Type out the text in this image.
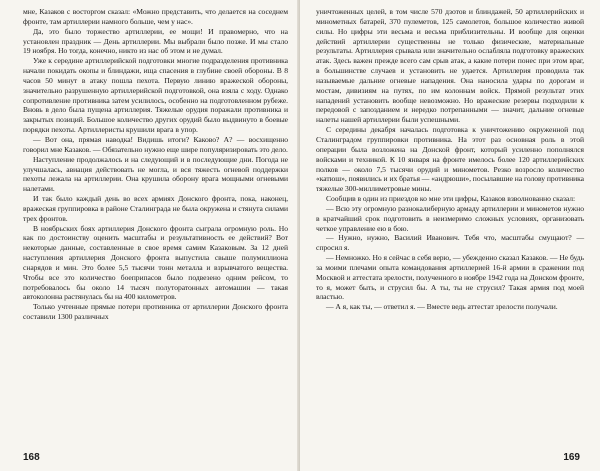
мне, Казаков с восторгом сказал: «Можно представить, что делается на соседнем фронте, там артиллерии намного больше, чем у нас».

Да, это было торжество артиллерии, ее мощи! И правомерно, что на установлен праздник — День артиллерии. Мы выбрали было позже. И мы стало 19 ноября. Но тогда, конечно, никто из нас об этом и не думал.

Уже к середине артиллерийской подготовки многие подразделения противника начали покидать окопы и блиндажи, ища спасения в глубине своей обороны. В 8 часов 50 минут в атаку пошла пехота. Первую линию вражеской обороны, значительно разрушенную артиллерийской подготовкой, она взяла с ходу. Однако сопротивление противника затем усилилось, особенно на подготовленном рубеже. Вновь в дело была пущена артиллерия. Тяжелые орудия поражали противника и закрытых позиций. Большое количество других орудий было выдвинуто в боевые порядки пехоты. Артиллеристы крушили врага в упор.

— Вот она, прямая наводка! Видишь итоги? Каково? А? — восхищенно говорил мне Казаков. — Обязательно нужно еще шире популяризировать это дело.

Наступление продолжалось и на следующий и в последующие дни. Погода не улучшалась, авиация действовать не могла, и вся тяжесть огневой поддержки пехоты лежала на артиллерии. Она крушила оборону врага мощными огневыми налетами.

И так было каждый день во всех армиях Донского фронта, пока, наконец, вражеская группировка в районе Сталинграда не была окружена и стянута силами трех фронтов.

В ноябрьских боях артиллерия Донского фронта сыграла огромную роль. Но как по достоинству оценить масштабы и результативность ее действий? Вот некоторые данные, составленные в свое время самим Казаковым. За 12 дней наступления артиллерия Донского фронта выпустила свыше полумиллиона снарядов и мин. Это более 5,5 тысячи тонн металла и взрывчатого вещества. Чтобы все это количество боеприпасов было подвезено одним рейсом, то потребовалось бы около 14 тысяч полуторатонных автомашин — такая автоколонна растянулась бы на 400 километров.

Только учтенные прямые потери противника от артиллерии Донского фронта составили 1300 различных

168

уничтоженных целей, в том числе 570 дзотов и блиндажей, 50 артиллерийских и минометных батарей, 370 пулеметов, 125 самолетов, большое количество живой силы. Но цифры эти весьма и весьма приблизительны. И вообще для оценки действий артиллерии существенны не только физические, материальные результаты. Артиллерия срывала или значительно ослабляла подготовку вражеских атак. Здесь важен прежде всего сам срыв атак, а какие потери понес при этом враг, в большинстве случаев и установить не удается. Артиллерия проводила так называемые дальние огневые нападения. Она наносила удары по дорогам и мостам, дивизиям на путях, по им колоннам войск. Прямой результат этих нападений установить вообще невозможно. Но вражеские резервы подходили к передовой с запозданием и нередко потрепанными — значит, дальние огневые налеты нашей артиллерии были успешными.

С середины декабря началась подготовка к уничтожению окруженной под Сталинградом группировки противника. На этот раз основная роль в этой операции была возложена на Донской фронт, который усиленно пополнялся войсками и техникой. К 10 января на фронте имелось более 120 артиллерийских полков — около 7,5 тысячи орудий и минометов. Резко возросло количество «катюш», появились и их братья — «андрюши», посылавшие на голову противника тяжелые 300-миллиметровые мины.

Сообщив в один из приездов ко мне эти цифры, Казаков взволнованно сказал:

— Всю эту огромную разнокалиберную армаду артиллерии и минометов нужно в кратчайший срок подготовить в неизмеримо сложных условиях, организовать четкое управление ею в бою.

— Нужно, нужно, Василий Иванович. Тебя что, масштабы смущают? — спросил я.

— Немножко. Но я сейчас в себя верю, — убежденно сказал Казаков. — Не будь за моими плечами опыта командования артиллерией 16-й армии в сражении под Москвой и аттестата зрелости, полученного в ноябре 1942 года на Донском фронте, то я, может быть, и струсил бы. А ты, ты не струсил? Такая армия под моей властью.

— А я, как ты, — ответил я. — Вместе ведь аттестат зрелости получали.

169
